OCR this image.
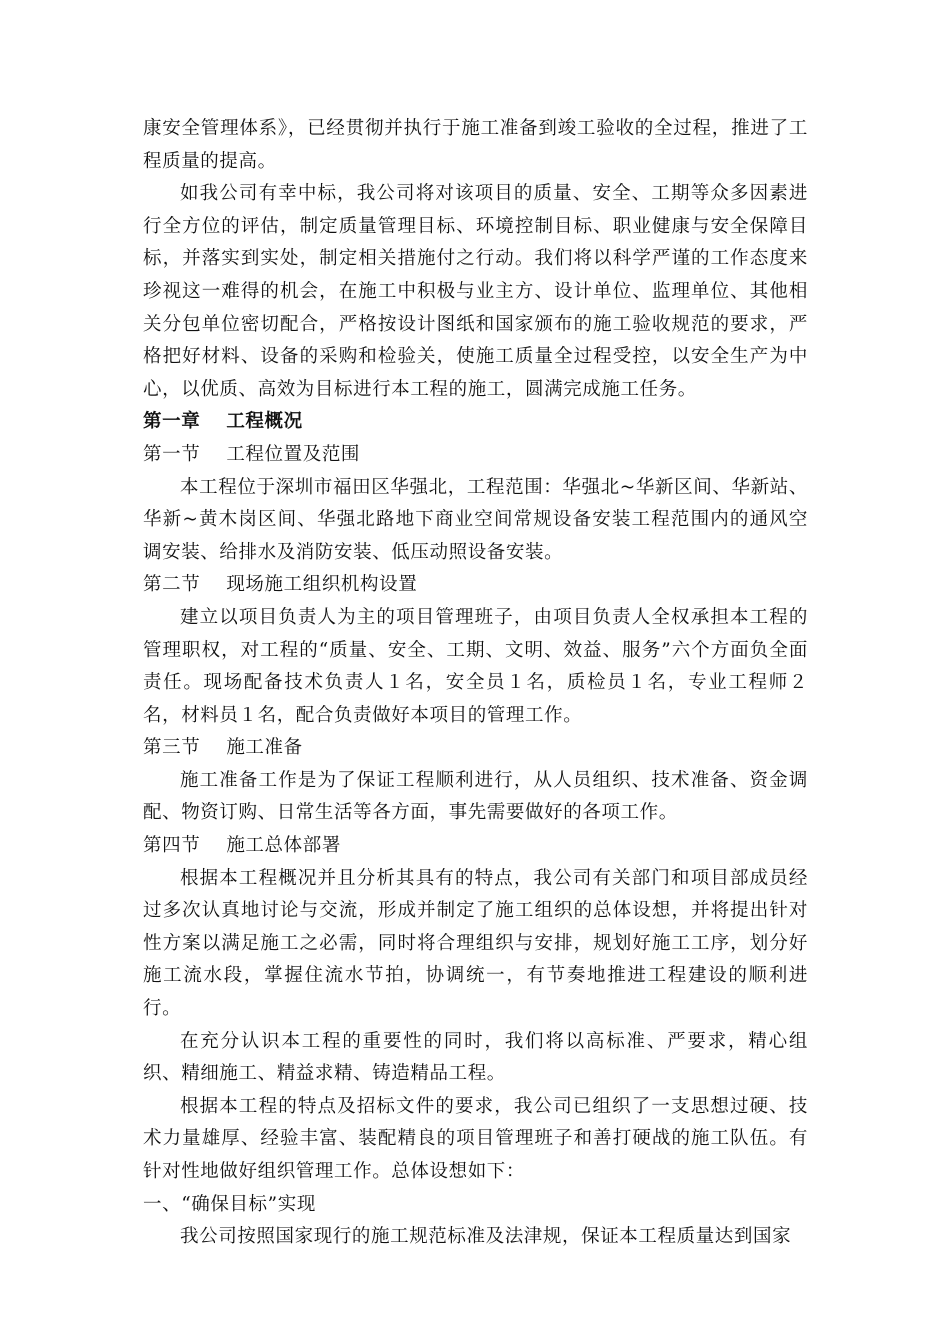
康安全管理体系》，已经贯彻并执行于施工准备到竣工验收的全过程，推进了工程质量的提高。

如我公司有幸中标，我公司将对该项目的质量、安全、工期等众多因素进行全方位的评估，制定质量管理目标、环境控制目标、职业健康与安全保障目标，并落实到实处，制定相关措施付之行动。我们将以科学严谨的工作态度来珍视这一难得的机会，在施工中积极与业主方、设计单位、监理单位、其他相关分包单位密切配合，严格按设计图纸和国家颁布的施工验收规范的要求，严格把好材料、设备的采购和检验关，使施工质量全过程受控，以安全生产为中心，以优质、高效为目标进行本工程的施工，圆满完成施工任务。

第一章 工程概况

第一节 工程位置及范围

本工程位于深圳市福田区华强北，工程范围：华强北~华新区间、华新站、华新~黄木岗区间、华强北路地下商业空间常规设备安装工程范围内的通风空调安装、给排水及消防安装、低压动照设备安装。

第二节 现场施工组织机构设置

建立以项目负责人为主的项目管理班子，由项目负责人全权承担本工程的管理职权，对工程的“质量、安全、工期、文明、效益、服务”六个方面负全面责任。现场配备技术负责人１名，安全员１名，质检员１名，专业工程师２名，材料员１名，配合负责做好本项目的管理工作。

第三节 施工准备

施工准备工作是为了保证工程顺利进行，从人员组织、技术准备、资金调配、物资订购、日常生活等各方面，事先需要做好的各项工作。

第四节 施工总体部署

根据本工程概况并且分析其具有的特点，我公司有关部门和项目部成员经过多次认真地讨论与交流，形成并制定了施工组织的总体设想，并将提出针对性方案以满足施工之必需，同时将合理组织与安排，规划好施工工序，划分好施工流水段，掌握住流水节拍，协调统一，有节奏地推进工程建设的顺利进行。

在充分认识本工程的重要性的同时，我们将以高标准、严要求，精心组织、精细施工、精益求精、铸造精品工程。

根据本工程的特点及招标文件的要求，我公司已组织了一支思想过硬、技术力量雄厚、经验丰富、装配精良的项目管理班子和善打硬战的施工队伍。有针对性地做好组织管理工作。总体设想如下：

一、“确保目标”实现

我公司按照国家现行的施工规范标准及法津规，保证本工程质量达到国家
